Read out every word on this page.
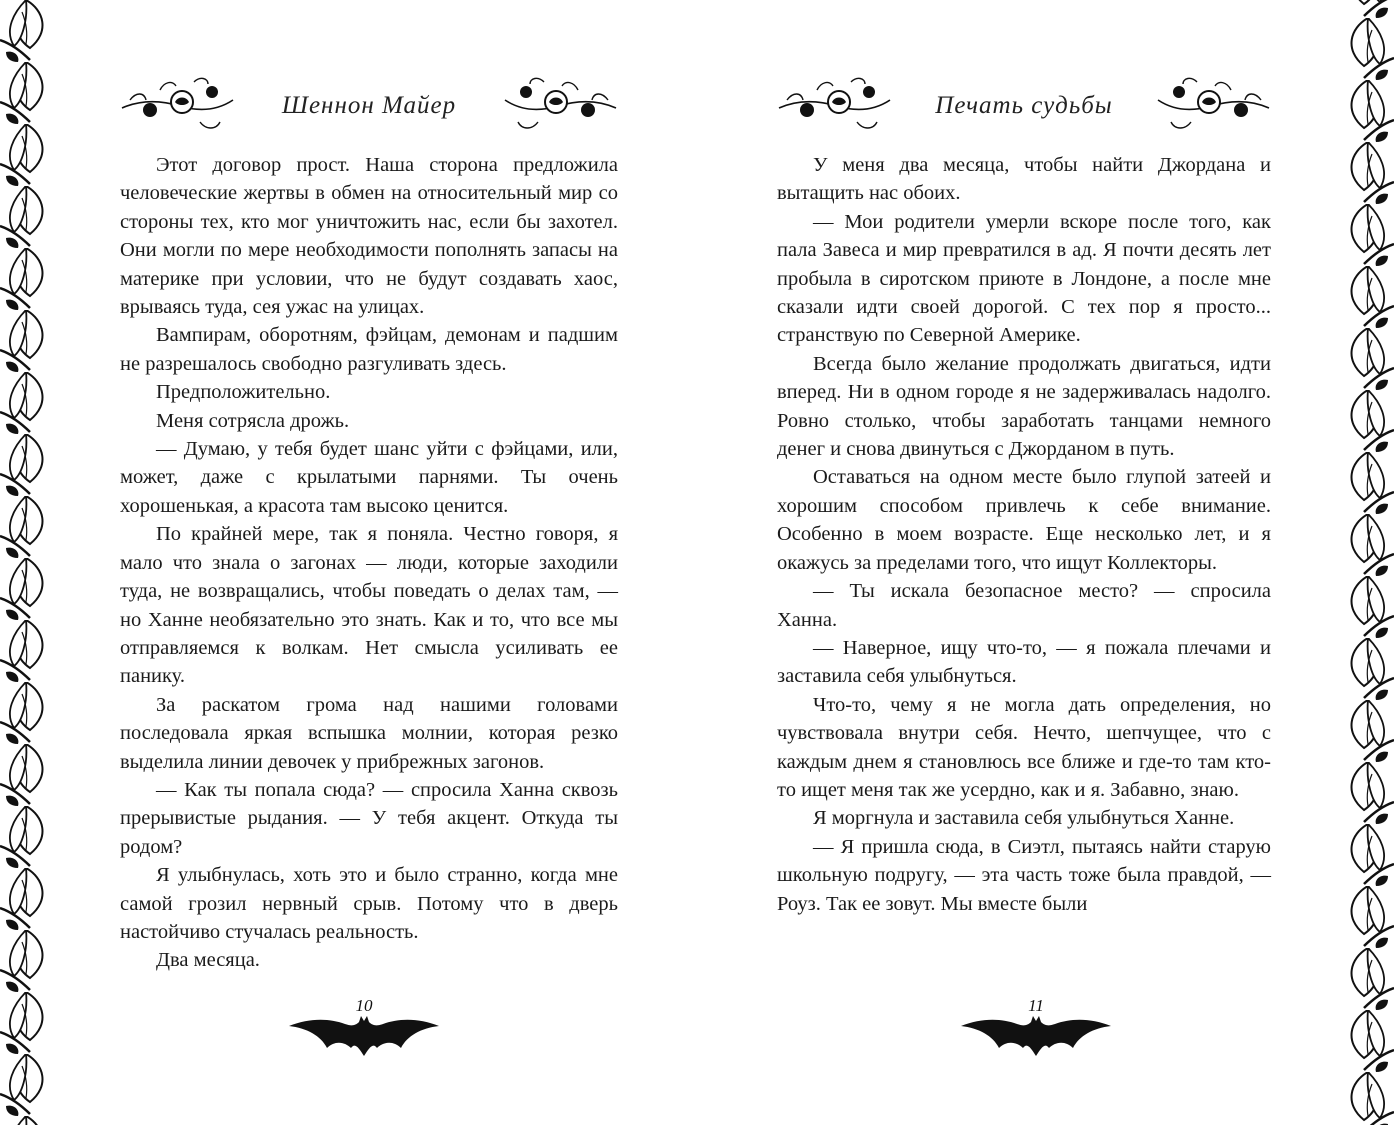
Шеннон Майер

Этот договор прост. Наша сторона предложила человеческие жертвы в обмен на относительный мир со стороны тех, кто мог уничтожить нас, если бы захотел. Они могли по мере необходимости пополнять запасы на материке при условии, что не будут создавать хаос, врываясь туда, сея ужас на улицах.

Вампирам, оборотням, фэйцам, демонам и падшим не разрешалось свободно разгуливать здесь.

Предположительно.

Меня сотрясла дрожь.

— Думаю, у тебя будет шанс уйти с фэйцами, или, может, даже с крылатыми парнями. Ты очень хорошенькая, а красота там высоко ценится.

По крайней мере, так я поняла. Честно говоря, я мало что знала о загонах — люди, которые заходили туда, не возвращались, чтобы поведать о делах там, — но Ханне необязательно это знать. Как и то, что все мы отправляемся к волкам. Нет смысла усиливать ее панику.

За раскатом грома над нашими головами последовала яркая вспышка молнии, которая резко выделила линии девочек у прибрежных загонов.

— Как ты попала сюда? — спросила Ханна сквозь прерывистые рыдания. — У тебя акцент. Откуда ты родом?

Я улыбнулась, хоть это и было странно, когда мне самой грозил нервный срыв. Потому что в дверь настойчиво стучалась реальность.

Два месяца.

10
Печать судьбы

У меня два месяца, чтобы найти Джордана и вытащить нас обоих.

— Мои родители умерли вскоре после того, как пала Завеса и мир превратился в ад. Я почти десять лет пробыла в сиротском приюте в Лондоне, а после мне сказали идти своей дорогой. С тех пор я просто... странствую по Северной Америке.

Всегда было желание продолжать двигаться, идти вперед. Ни в одном городе я не задерживалась надолго. Ровно столько, чтобы заработать танцами немного денег и снова двинуться с Джорданом в путь.

Оставаться на одном месте было глупой затеей и хорошим способом привлечь к себе внимание. Особенно в моем возрасте. Еще несколько лет, и я окажусь за пределами того, что ищут Коллекторы.

— Ты искала безопасное место? — спросила Ханна.

— Наверное, ищу что-то, — я пожала плечами и заставила себя улыбнуться.

Что-то, чему я не могла дать определения, но чувствовала внутри себя. Нечто, шепчущее, что с каждым днем я становлюсь все ближе и где-то там кто-то ищет меня так же усердно, как и я. Забавно, знаю.

Я моргнула и заставила себя улыбнуться Ханне.

— Я пришла сюда, в Сиэтл, пытаясь найти старую школьную подругу, — эта часть тоже была правдой, — Роуз. Так ее зовут. Мы вместе были

11
